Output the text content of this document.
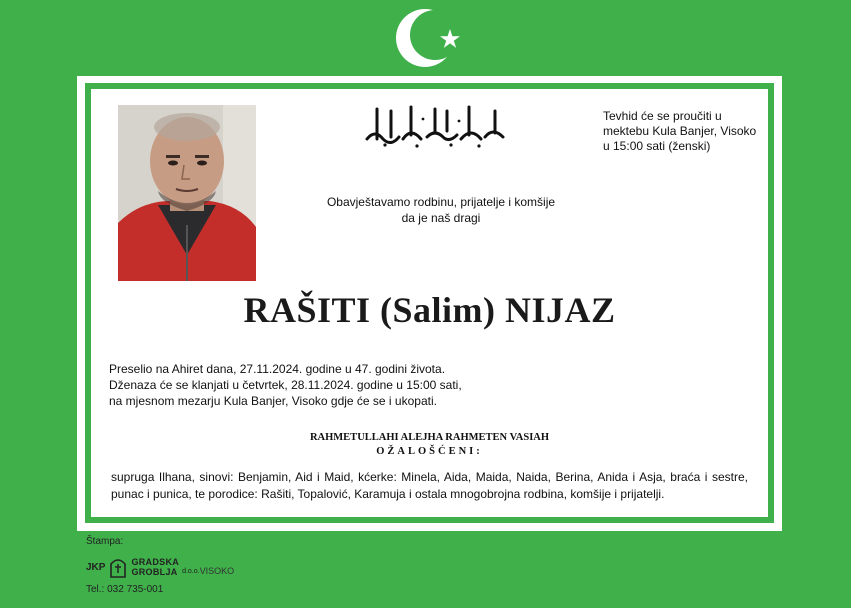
Tevhid će se proučiti u
mektebu Kula Banjer, Visoko
u 15:00 sati (ženski)
Obavještavamo rodbinu, prijatelje i komšije
da je naš dragi
RAŠITI (Salim) NIJAZ
Preselio na Ahiret dana, 27.11.2024. godine u 47. godini života.
Dženaza će se klanjati u četvrtek, 28.11.2024. godine u 15:00 sati,
na mjesnom mezarju Kula Banjer, Visoko gdje će se i ukopati.
RAHMETULLAHI ALEJHA RAHMETEN VASIAH
OŽALOŠĆENI:
supruga Ilhana, sinovi: Benjamin, Aid i Maid, kćerke: Minela, Aida, Maida, Naida, Berina, Anida i Asja, braća i sestre, punac i punica, te porodice: Rašiti, Topalović, Karamuja i ostala mnogobrojna rodbina, komšije i prijatelji.
Štampa:
JKP	GRADSKA
GROBLJA d.o.o. VISOKO
Tel.: 032 735-001
